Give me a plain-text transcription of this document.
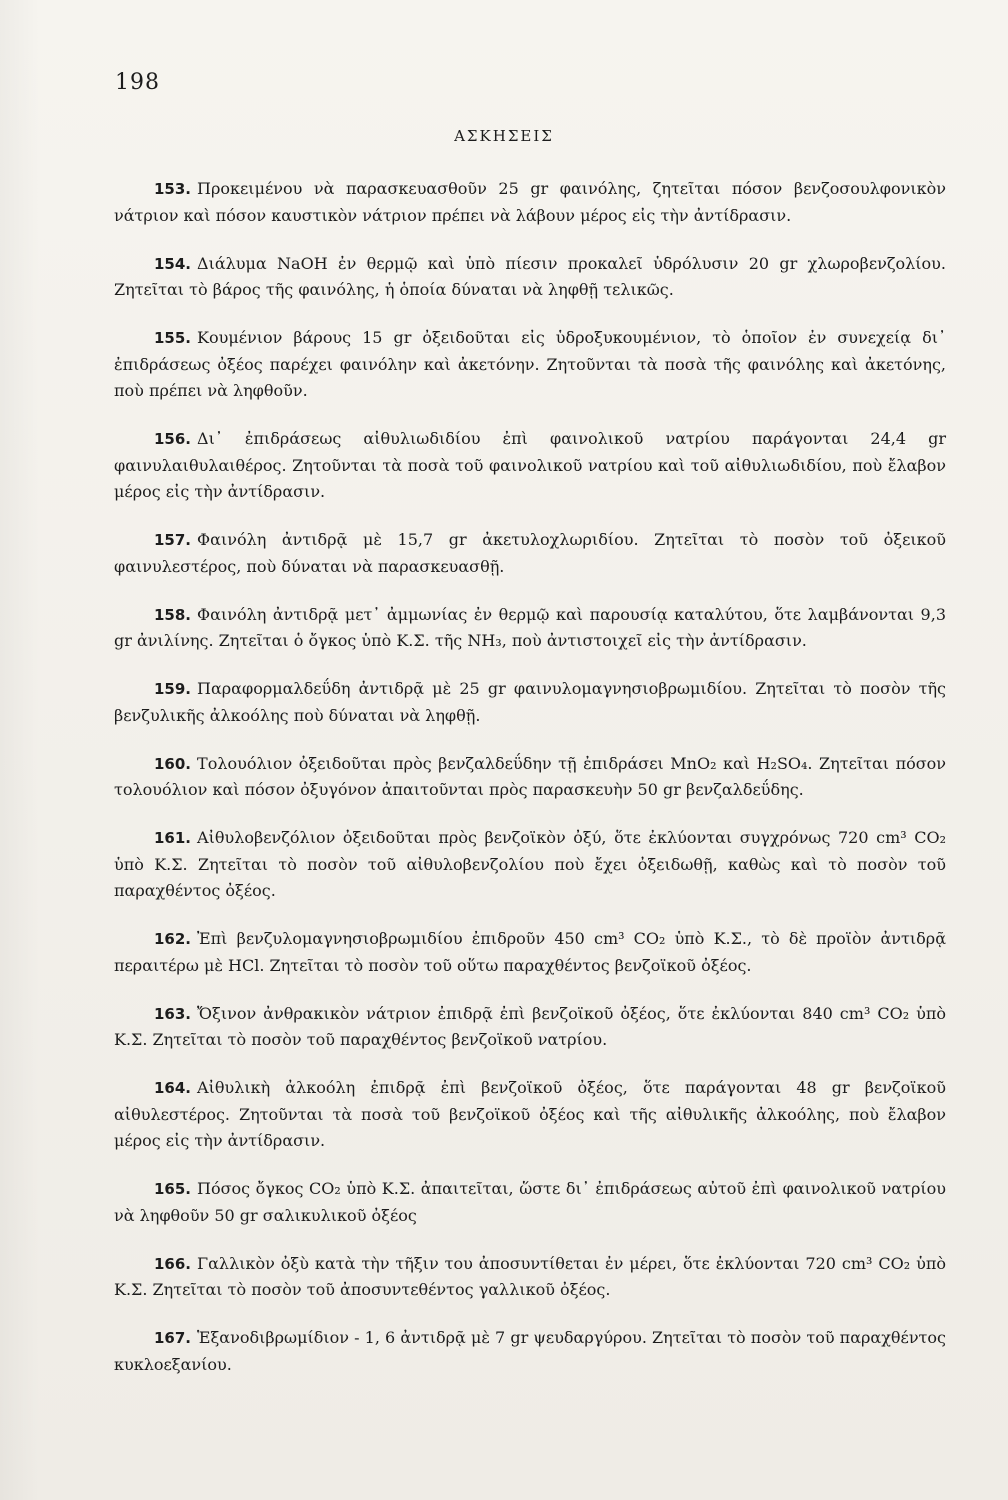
198
ΑΣΚΗΣΕΙΣ

153. Προκειμένου νὰ παρασκευασθοῦν 25 gr φαινόλης, ζητεῖται πόσον βενζοσουλφονικὸν νάτριον καὶ πόσον καυστικὸν νάτριον πρέπει νὰ λάβουν μέρος εἰς τὴν ἀντίδρασιν.

154. Διάλυμα NaOH ἐν θερμῷ καὶ ὑπὸ πίεσιν προκαλεῖ ὑδρόλυσιν 20 gr χλωροβενζολίου. Ζητεῖται τὸ βάρος τῆς φαινόλης, ἡ ὁποία δύναται νὰ ληφθῇ τελικῶς.

155. Κουμένιον βάρους 15 gr ὀξειδοῦται εἰς ὑδροξυκουμένιον, τὸ ὁποῖον ἐν συνεχείᾳ δι᾽ ἐπιδράσεως ὀξέος παρέχει φαινόλην καὶ ἀκετόνην. Ζητοῦνται τὰ ποσὰ τῆς φαινόλης καὶ ἀκετόνης, ποὺ πρέπει νὰ ληφθοῦν.

156. Δι᾽ ἐπιδράσεως αἰθυλιωδιδίου ἐπὶ φαινολικοῦ νατρίου παράγονται 24,4 gr φαινυλαιθυλαιθέρος. Ζητοῦνται τὰ ποσὰ τοῦ φαινολικοῦ νατρίου καὶ τοῦ αἰθυλιωδιδίου, ποὺ ἔλαβον μέρος εἰς τὴν ἀντίδρασιν.

157. Φαινόλη ἀντιδρᾷ μὲ 15,7 gr ἀκετυλοχλωριδίου. Ζητεῖται τὸ ποσὸν τοῦ ὀξεικοῦ φαινυλεστέρος, ποὺ δύναται νὰ παρασκευασθῇ.

158. Φαινόλη ἀντιδρᾷ μετ᾽ ἀμμωνίας ἐν θερμῷ καὶ παρουσίᾳ καταλύτου, ὅτε λαμβάνονται 9,3 gr ἀνιλίνης. Ζητεῖται ὁ ὄγκος ὑπὸ Κ.Σ. τῆς NH₃, ποὺ ἀντιστοιχεῖ εἰς τὴν ἀντίδρασιν.

159. Παραφορμαλδεΰδη ἀντιδρᾷ μὲ 25 gr φαινυλομαγνησιοβρωμιδίου. Ζητεῖται τὸ ποσὸν τῆς βενζυλικῆς ἀλκοόλης ποὺ δύναται νὰ ληφθῇ.

160. Τολουόλιον ὀξειδοῦται πρὸς βενζαλδεΰδην τῇ ἐπιδράσει MnO₂ καὶ H₂SO₄. Ζητεῖται πόσον τολουόλιον καὶ πόσον ὀξυγόνον ἀπαιτοῦνται πρὸς παρασκευὴν 50 gr βενζαλδεΰδης.

161. Αἰθυλοβενζόλιον ὀξειδοῦται πρὸς βενζοϊκὸν ὀξύ, ὅτε ἐκλύονται συγχρόνως 720 cm³ CO₂ ὑπὸ Κ.Σ. Ζητεῖται τὸ ποσὸν τοῦ αἰθυλοβενζολίου ποὺ ἔχει ὀξειδωθῇ, καθὼς καὶ τὸ ποσὸν τοῦ παραχθέντος ὀξέος.

162. Ἐπὶ βενζυλομαγνησιοβρωμιδίου ἐπιδροῦν 450 cm³ CO₂ ὑπὸ Κ.Σ., τὸ δὲ προϊὸν ἀντιδρᾷ περαιτέρω μὲ HCl. Ζητεῖται τὸ ποσὸν τοῦ οὕτω παραχθέντος βενζοϊκοῦ ὀξέος.

163. Ὄξινον ἀνθρακικὸν νάτριον ἐπιδρᾷ ἐπὶ βενζοϊκοῦ ὀξέος, ὅτε ἐκλύονται 840 cm³ CO₂ ὑπὸ Κ.Σ. Ζητεῖται τὸ ποσὸν τοῦ παραχθέντος βενζοϊκοῦ νατρίου.

164. Αἰθυλικὴ ἀλκοόλη ἐπιδρᾷ ἐπὶ βενζοϊκοῦ ὀξέος, ὅτε παράγονται 48 gr βενζοϊκοῦ αἰθυλεστέρος. Ζητοῦνται τὰ ποσὰ τοῦ βενζοϊκοῦ ὀξέος καὶ τῆς αἰθυλικῆς ἀλκοόλης, ποὺ ἔλαβον μέρος εἰς τὴν ἀντίδρασιν.

165. Πόσος ὄγκος CO₂ ὑπὸ Κ.Σ. ἀπαιτεῖται, ὥστε δι᾽ ἐπιδράσεως αὐτοῦ ἐπὶ φαινολικοῦ νατρίου νὰ ληφθοῦν 50 gr σαλικυλικοῦ ὀξέος

166. Γαλλικὸν ὀξὺ κατὰ τὴν τῆξιν του ἀποσυντίθεται ἐν μέρει, ὅτε ἐκλύονται 720 cm³ CO₂ ὑπὸ Κ.Σ. Ζητεῖται τὸ ποσὸν τοῦ ἀποσυντεθέντος γαλλικοῦ ὀξέος.

167. Ἑξανοδιβρωμίδιον - 1, 6 ἀντιδρᾷ μὲ 7 gr ψευδαργύρου. Ζητεῖται τὸ ποσὸν τοῦ παραχθέντος κυκλοεξανίου.
